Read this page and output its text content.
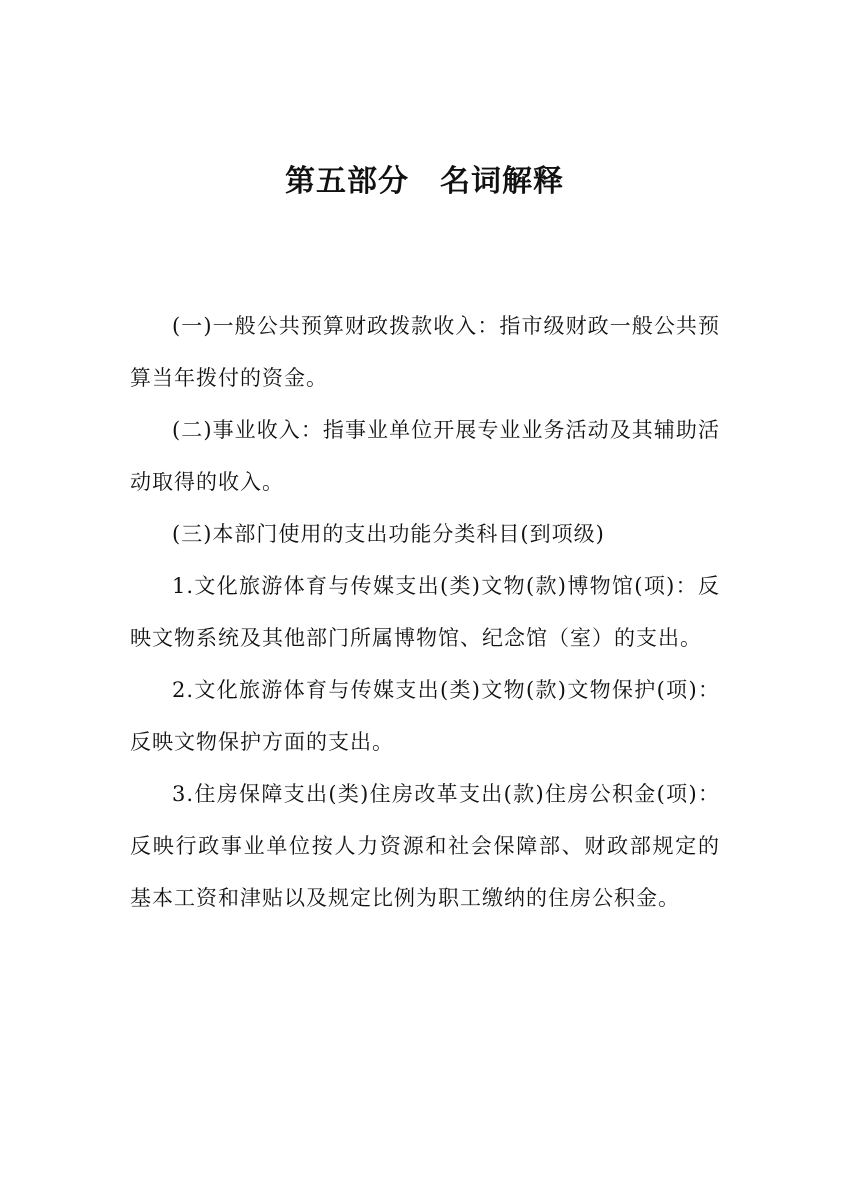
第五部分　名词解释

(一)一般公共预算财政拨款收入：指市级财政一般公共预算当年拨付的资金。

(二)事业收入：指事业单位开展专业业务活动及其辅助活动取得的收入。

(三)本部门使用的支出功能分类科目(到项级)

1.文化旅游体育与传媒支出(类)文物(款)博物馆(项)：反映文物系统及其他部门所属博物馆、纪念馆（室）的支出。

2.文化旅游体育与传媒支出(类)文物(款)文物保护(项)：反映文物保护方面的支出。

3.住房保障支出(类)住房改革支出(款)住房公积金(项)：反映行政事业单位按人力资源和社会保障部、财政部规定的基本工资和津贴以及规定比例为职工缴纳的住房公积金。
